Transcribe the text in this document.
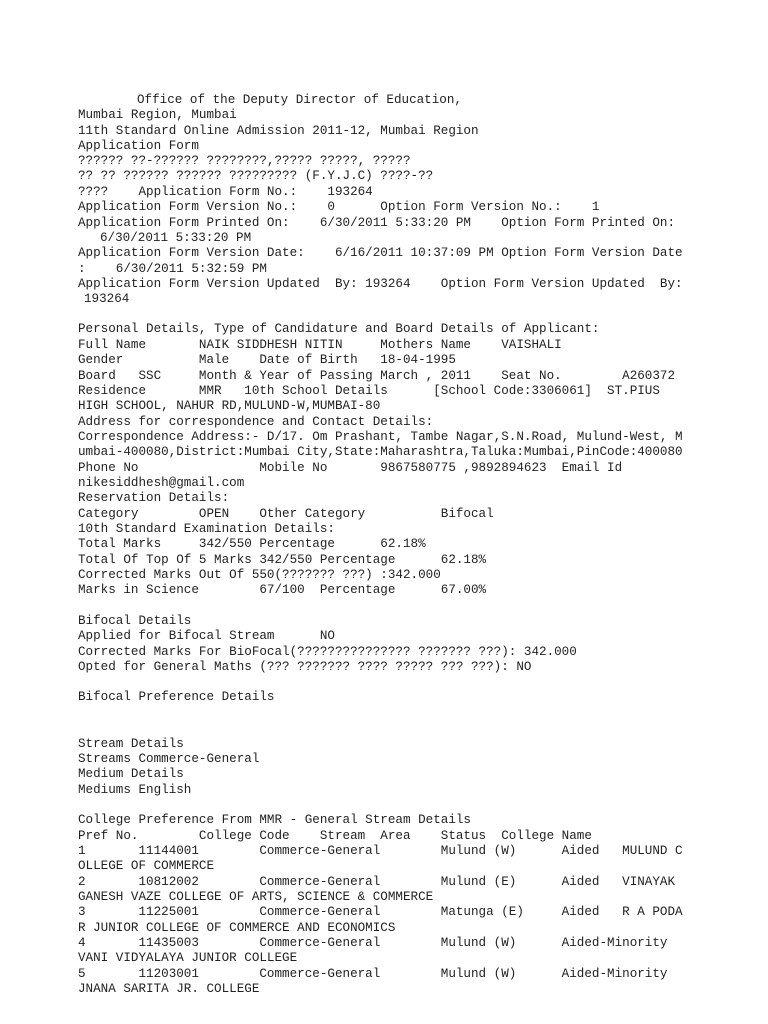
Office of the Deputy Director of Education,
Mumbai Region, Mumbai
11th Standard Online Admission 2011-12, Mumbai Region
Application Form
?????? ??-?????? ????????,????? ?????, ?????
?? ?? ?????? ?????? ????????? (F.Y.J.C) ????-??
????    Application Form No.:    193264
Application Form Version No.:    0      Option Form Version No.:    1
Application Form Printed On:    6/30/2011 5:33:20 PM    Option Form Printed On:
6/30/2011 5:33:20 PM
Application Form Version Date:    6/16/2011 10:37:09 PM Option Form Version Date
:    6/30/2011 5:32:59 PM
Application Form Version Updated  By: 193264    Option Form Version Updated  By:
193264
Personal Details, Type of Candidature and Board Details of Applicant:
Full Name       NAIK SIDDHESH NITIN     Mothers Name    VAISHALI
Gender          Male    Date of Birth   18-04-1995
Board   SSC     Month & Year of Passing March , 2011    Seat No.        A260372
Residence       MMR   10th School Details      [School Code:3306061]  ST.PIUS
HIGH SCHOOL, NAHUR RD,MULUND-W,MUMBAI-80
Address for correspondence and Contact Details:
Correspondence Address:- D/17. Om Prashant, Tambe Nagar,S.N.Road, Mulund-West, M
umbai-400080,District:Mumbai City,State:Maharashtra,Taluka:Mumbai,PinCode:400080
Phone No                Mobile No       9867580775 ,9892894623  Email Id
nikesiddhesh@gmail.com
Reservation Details:
Category        OPEN    Other Category          Bifocal
10th Standard Examination Details:
Total Marks     342/550 Percentage      62.18%
Total Of Top Of 5 Marks 342/550 Percentage      62.18%
Corrected Marks Out Of 550(??????? ???) :342.000
Marks in Science        67/100  Percentage      67.00%
Bifocal Details
Applied for Bifocal Stream      NO
Corrected Marks For BioFocal(??????????????? ??????? ???): 342.000
Opted for General Maths (??? ??????? ???? ????? ??? ???): NO
Bifocal Preference Details
Stream Details
Streams Commerce-General
Medium Details
Mediums English
College Preference From MMR - General Stream Details
Pref No.        College Code    Stream  Area    Status  College Name
1       11144001        Commerce-General        Mulund (W)      Aided   MULUND C
OLLEGE OF COMMERCE
2       10812002        Commerce-General        Mulund (E)      Aided   VINAYAK
GANESH VAZE COLLEGE OF ARTS, SCIENCE & COMMERCE
3       11225001        Commerce-General        Matunga (E)     Aided   R A PODA
R JUNIOR COLLEGE OF COMMERCE AND ECONOMICS
4       11435003        Commerce-General        Mulund (W)      Aided-Minority
VANI VIDYALAYA JUNIOR COLLEGE
5       11203001        Commerce-General        Mulund (W)      Aided-Minority
JNANA SARITA JR. COLLEGE
